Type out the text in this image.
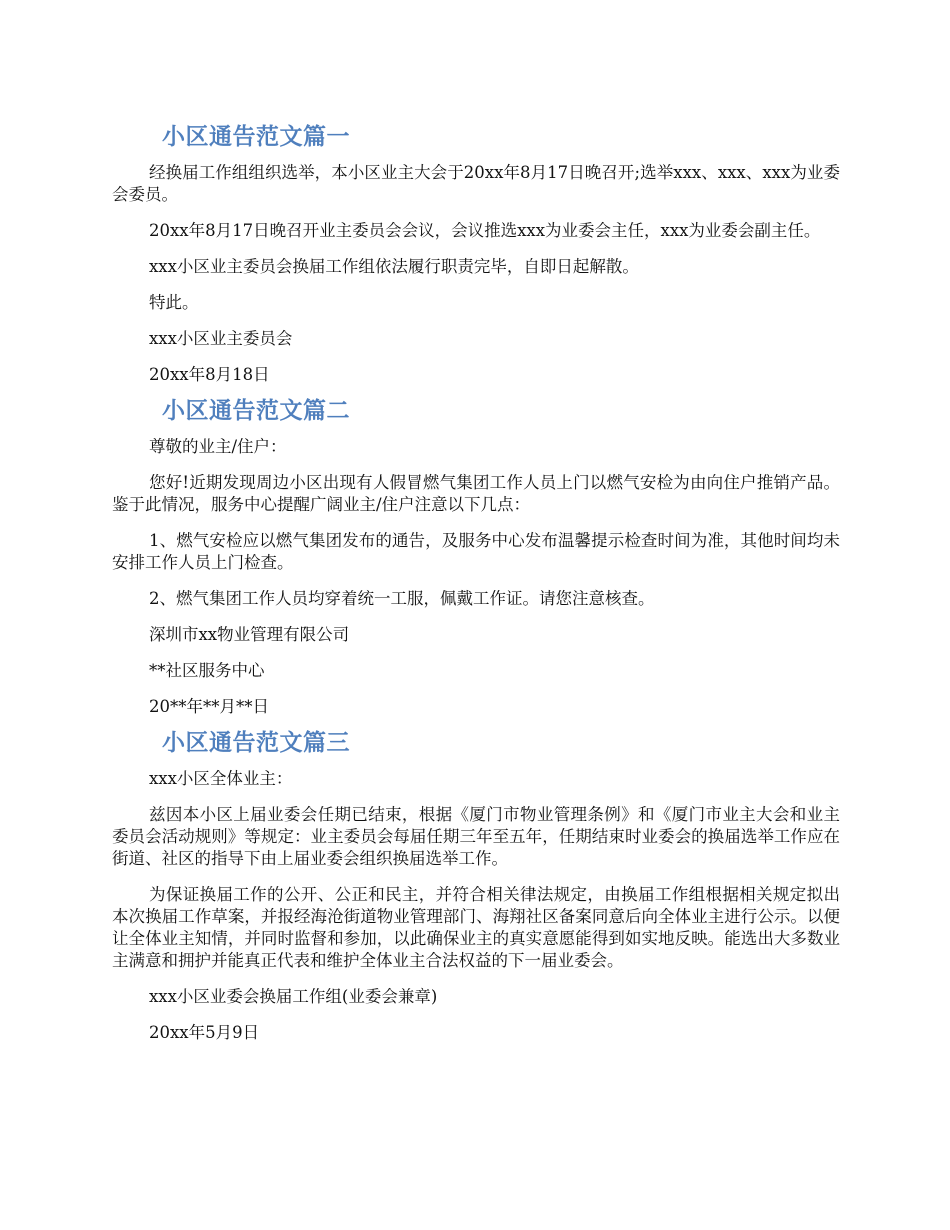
小区通告范文篇一

经换届工作组组织选举，本小区业主大会于20xx年8月17日晚召开;选举xxx、xxx、xxx为业委会委员。

20xx年8月17日晚召开业主委员会会议，会议推选xxx为业委会主任，xxx为业委会副主任。

xxx小区业主委员会换届工作组依法履行职责完毕，自即日起解散。

特此。

xxx小区业主委员会

20xx年8月18日

小区通告范文篇二

尊敬的业主/住户：

您好!近期发现周边小区出现有人假冒燃气集团工作人员上门以燃气安检为由向住户推销产品。鉴于此情况，服务中心提醒广阔业主/住户注意以下几点：

1、燃气安检应以燃气集团发布的通告，及服务中心发布温馨提示检查时间为准，其他时间均未安排工作人员上门检查。

2、燃气集团工作人员均穿着统一工服，佩戴工作证。请您注意核查。

深圳市xx物业管理有限公司

**社区服务中心

20**年**月**日

小区通告范文篇三

xxx小区全体业主：

兹因本小区上届业委会任期已结束，根据《厦门市物业管理条例》和《厦门市业主大会和业主委员会活动规则》等规定：业主委员会每届任期三年至五年，任期结束时业委会的换届选举工作应在街道、社区的指导下由上届业委会组织换届选举工作。

为保证换届工作的公开、公正和民主，并符合相关律法规定，由换届工作组根据相关规定拟出本次换届工作草案，并报经海沧街道物业管理部门、海翔社区备案同意后向全体业主进行公示。以便让全体业主知情，并同时监督和参加，以此确保业主的真实意愿能得到如实地反映。能选出大多数业主满意和拥护并能真正代表和维护全体业主合法权益的下一届业委会。

xxx小区业委会换届工作组(业委会兼章)

20xx年5月9日
